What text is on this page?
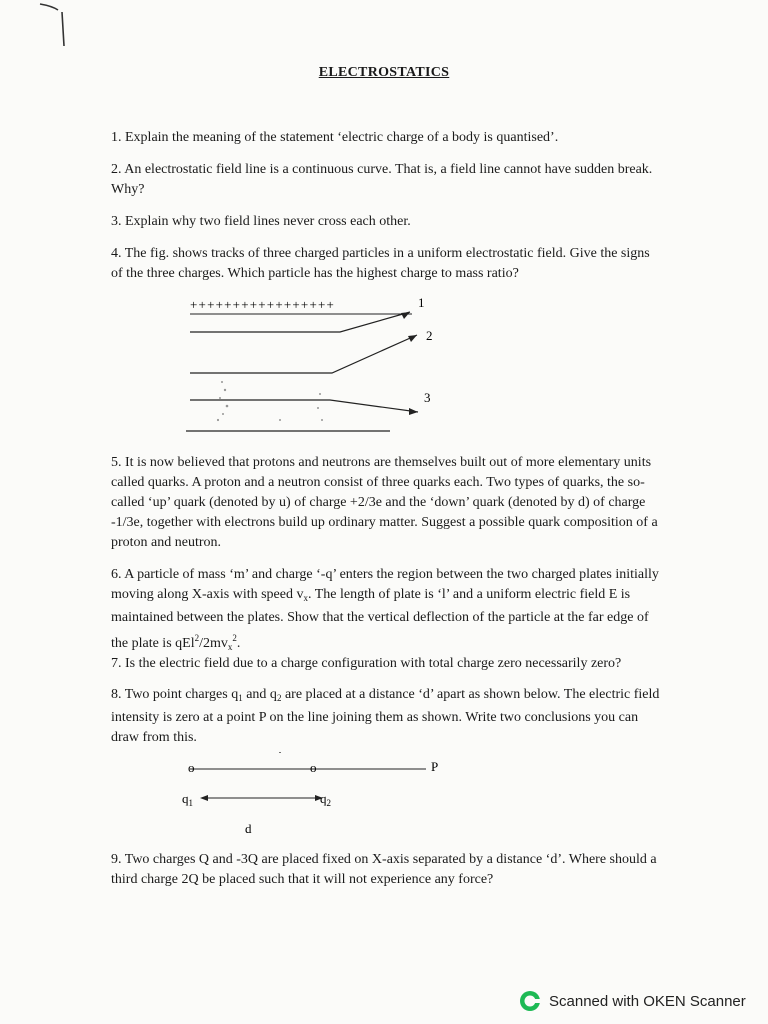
ELECTROSTATICS

1. Explain the meaning of the statement ‘electric charge of a body is quantised’.

2. An electrostatic field line is a continuous curve. That is, a field line cannot have sudden break. Why?

3. Explain why two field lines never cross each other.

4. The fig. shows tracks of three charged particles in a uniform electrostatic field. Give the signs of the three charges. Which particle has the highest charge to mass ratio?

+++++++++++++++++	1
2
3

5. It is now believed that protons and neutrons are themselves built out of more elementary units called quarks. A proton and a neutron consist of three quarks each. Two types of quarks, the so-called ‘up’ quark (denoted by u) of charge +2/3e and the ‘down’ quark (denoted by d) of charge -1/3e, together with electrons build up ordinary matter. Suggest a possible quark composition of a proton and neutron.

6. A particle of mass ‘m’ and charge ‘-q’ enters the region between the two charged plates initially moving along X-axis with speed $v_x$. The length of plate is ‘l’ and a uniform electric field E is maintained between the plates. Show that the vertical deflection of the particle at the far edge of the plate is $qEl^2/2mv_x^2$.

7. Is the electric field due to a charge configuration with total charge zero necessarily zero?

8. Two point charges $q_1$ and $q_2$ are placed at a distance ‘d’ apart as shown below. The electric field intensity is zero at a point P on the line joining them as shown. Write two conclusions you can draw from this.

o	o	P
$q_1$	$q_2$
d

9. Two charges Q and -3Q are placed fixed on X-axis separated by a distance ‘d’. Where should a third charge 2Q be placed such that it will not experience any force?

Scanned with OKEN Scanner
